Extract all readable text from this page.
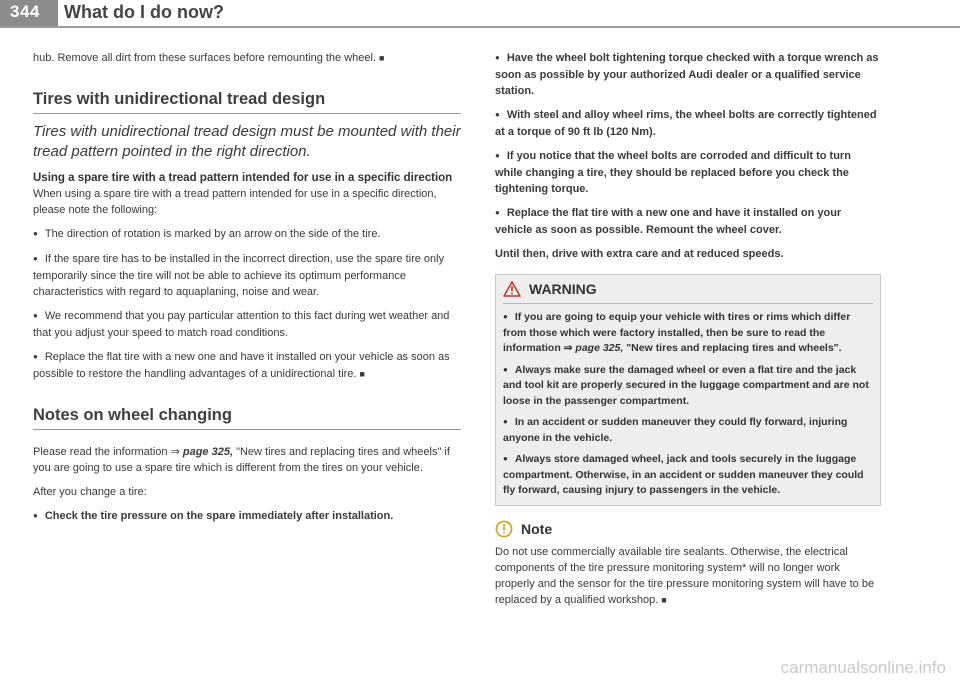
344 What do I do now?

hub. Remove all dirt from these surfaces before remounting the wheel. ■

Tires with unidirectional tread design

Tires with unidirectional tread design must be mounted with their tread pattern pointed in the right direction.

Using a spare tire with a tread pattern intended for use in a specific direction

When using a spare tire with a tread pattern intended for use in a specific direction, please note the following:

● The direction of rotation is marked by an arrow on the side of the tire.

● If the spare tire has to be installed in the incorrect direction, use the spare tire only temporarily since the tire will not be able to achieve its optimum performance characteristics with regard to aquaplaning, noise and wear.

● We recommend that you pay particular attention to this fact during wet weather and that you adjust your speed to match road conditions.

● Replace the flat tire with a new one and have it installed on your vehicle as soon as possible to restore the handling advantages of a unidirectional tire. ■

Notes on wheel changing

Please read the information ⇒ page 325, "New tires and replacing tires and wheels" if you are going to use a spare tire which is different from the tires on your vehicle.

After you change a tire:

● Check the tire pressure on the spare immediately after installation.

● Have the wheel bolt tightening torque checked with a torque wrench as soon as possible by your authorized Audi dealer or a qualified service station.

● With steel and alloy wheel rims, the wheel bolts are correctly tightened at a torque of 90 ft lb (120 Nm).

● If you notice that the wheel bolts are corroded and difficult to turn while changing a tire, they should be replaced before you check the tightening torque.

● Replace the flat tire with a new one and have it installed on your vehicle as soon as possible. Remount the wheel cover.

Until then, drive with extra care and at reduced speeds.

WARNING

● If you are going to equip your vehicle with tires or rims which differ from those which were factory installed, then be sure to read the information ⇒ page 325, "New tires and replacing tires and wheels".

● Always make sure the damaged wheel or even a flat tire and the jack and tool kit are properly secured in the luggage compartment and are not loose in the passenger compartment.

● In an accident or sudden maneuver they could fly forward, injuring anyone in the vehicle.

● Always store damaged wheel, jack and tools securely in the luggage compartment. Otherwise, in an accident or sudden maneuver they could fly forward, causing injury to passengers in the vehicle.

Note

Do not use commercially available tire sealants. Otherwise, the electrical components of the tire pressure monitoring system* will no longer work properly and the sensor for the tire pressure monitoring system will have to be replaced by a qualified workshop. ■

carmanualsonline.info
